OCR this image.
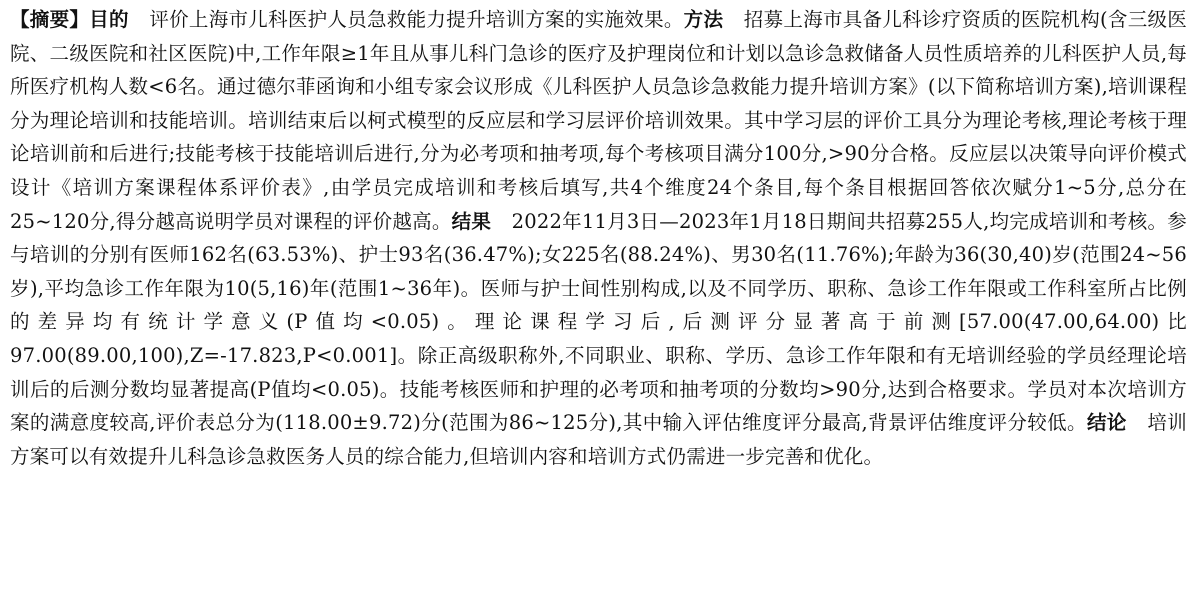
【摘要】目的 评价上海市儿科医护人员急救能力提升培训方案的实施效果。方法 招募上海市具备儿科诊疗资质的医院机构(含三级医院、二级医院和社区医院)中,工作年限≥1年且从事儿科门急诊的医疗及护理岗位和计划以急诊急救储备人员性质培养的儿科医护人员,每所医疗机构人数<6名。通过德尔菲函询和小组专家会议形成《儿科医护人员急诊急救能力提升培训方案》(以下简称培训方案),培训课程分为理论培训和技能培训。培训结束后以柯式模型的反应层和学习层评价培训效果。其中学习层的评价工具分为理论考核,理论考核于理论培训前和后进行;技能考核于技能培训后进行,分为必考项和抽考项,每个考核项目满分100分,>90分合格。反应层以决策导向评价模式设计《培训方案课程体系评价表》,由学员完成培训和考核后填写,共4个维度24个条目,每个条目根据回答依次赋分1~5分,总分在25~120分,得分越高说明学员对课程的评价越高。结果 2022年11月3日—2023年1月18日期间共招募255人,均完成培训和考核。参与培训的分别有医师162名(63.53%)、护士93名(36.47%);女225名(88.24%)、男30名(11.76%);年龄为36(30,40)岁(范围24~56岁),平均急诊工作年限为10(5,16)年(范围1~36年)。医师与护士间性别构成,以及不同学历、职称、急诊工作年限或工作科室所占比例的差异均有统计学意义(P值均<0.05)。理论课程学习后,后测评分显著高于前测[57.00(47.00,64.00)比97.00(89.00,100),Z=-17.823,P<0.001]。除正高级职称外,不同职业、职称、学历、急诊工作年限和有无培训经验的学员经理论培训后的后测分数均显著提高(P值均<0.05)。技能考核医师和护理的必考项和抽考项的分数均>90分,达到合格要求。学员对本次培训方案的满意度较高,评价表总分为(118.00±9.72)分(范围为86~125分),其中输入评估维度评分最高,背景评估维度评分较低。结论 培训方案可以有效提升儿科急诊急救医务人员的综合能力,但培训内容和培训方式仍需进一步完善和优化。
